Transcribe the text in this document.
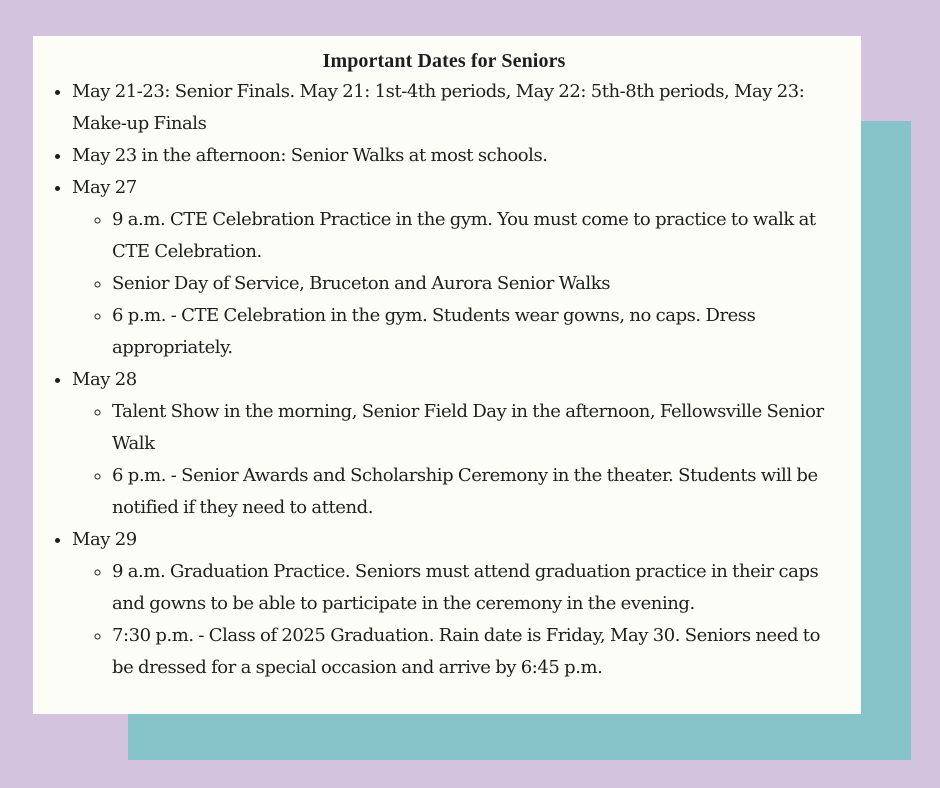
Important Dates for Seniors
• May 21-23: Senior Finals. May 21: 1st-4th periods, May 22: 5th-8th periods, May 23: Make-up Finals
• May 23 in the afternoon: Senior Walks at most schools.
• May 27
◦ 9 a.m. CTE Celebration Practice in the gym. You must come to practice to walk at CTE Celebration.
◦ Senior Day of Service, Bruceton and Aurora Senior Walks
◦ 6 p.m. - CTE Celebration in the gym. Students wear gowns, no caps. Dress appropriately.
• May 28
◦ Talent Show in the morning, Senior Field Day in the afternoon, Fellowsville Senior Walk
◦ 6 p.m. - Senior Awards and Scholarship Ceremony in the theater. Students will be notified if they need to attend.
• May 29
◦ 9 a.m. Graduation Practice. Seniors must attend graduation practice in their caps and gowns to be able to participate in the ceremony in the evening.
◦ 7:30 p.m. - Class of 2025 Graduation. Rain date is Friday, May 30. Seniors need to be dressed for a special occasion and arrive by 6:45 p.m.
